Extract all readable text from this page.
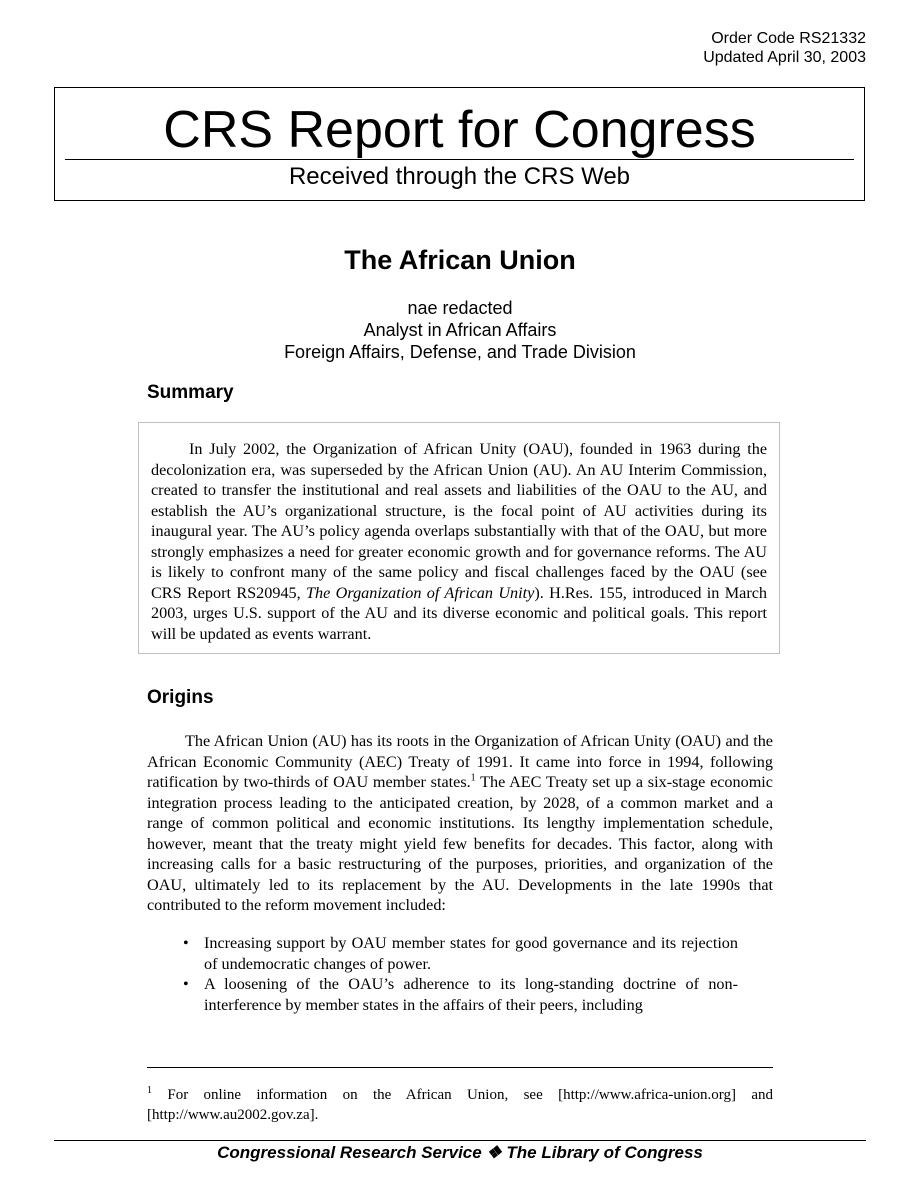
Order Code RS21332
Updated April 30, 2003
CRS Report for Congress
Received through the CRS Web
The African Union
nae redacted
Analyst in African Affairs
Foreign Affairs, Defense, and Trade Division
Summary

In July 2002, the Organization of African Unity (OAU), founded in 1963 during the decolonization era, was superseded by the African Union (AU). An AU Interim Commission, created to transfer the institutional and real assets and liabilities of the OAU to the AU, and establish the AU’s organizational structure, is the focal point of AU activities during its inaugural year. The AU’s policy agenda overlaps substantially with that of the OAU, but more strongly emphasizes a need for greater economic growth and for governance reforms. The AU is likely to confront many of the same policy and fiscal challenges faced by the OAU (see CRS Report RS20945, The Organization of African Unity). H.Res. 155, introduced in March 2003, urges U.S. support of the AU and its diverse economic and political goals. This report will be updated as events warrant.

Origins

The African Union (AU) has its roots in the Organization of African Unity (OAU) and the African Economic Community (AEC) Treaty of 1991. It came into force in 1994, following ratification by two-thirds of OAU member states.$^1$ The AEC Treaty set up a six-stage economic integration process leading to the anticipated creation, by 2028, of a common market and a range of common political and economic institutions. Its lengthy implementation schedule, however, meant that the treaty might yield few benefits for decades. This factor, along with increasing calls for a basic restructuring of the purposes, priorities, and organization of the OAU, ultimately led to its replacement by the AU. Developments in the late 1990s that contributed to the reform movement included:

• Increasing support by OAU member states for good governance and its rejection of undemocratic changes of power.
• A loosening of the OAU’s adherence to its long-standing doctrine of non-interference by member states in the affairs of their peers, including
$^1$ For online information on the African Union, see [http://www.africa-union.org] and [http://www.au2002.gov.za].
Congressional Research Service ❖ The Library of Congress
